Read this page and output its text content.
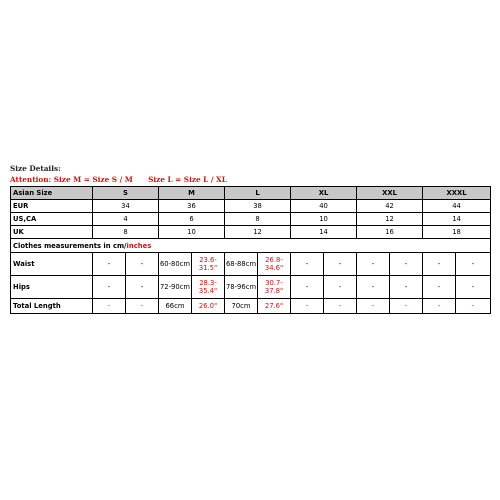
Size Details:
Attention: Size M = Size S / M      Size L = Size L / XL
Asian Size	S		M		L		XL		XXL		XXXL	
EUR	34		36		38		40		42		44	
US,CA	4		6		8		10		12		14	
UK	8		10		12		14		16		18	
Clothes measurements in cm/inches												
Waist	-	-	60-80cm	23.6-31.5"	68-88cm	26.8-34.6"	-	-	-	-	-	-
Hips	-	-	72-90cm	28.3-35.4"	78-96cm	30.7-37.8"	-	-	-	-	-	-
Total Length	-	-	66cm	26.0"	70cm	27.6"	-	-	-	-	-	-
